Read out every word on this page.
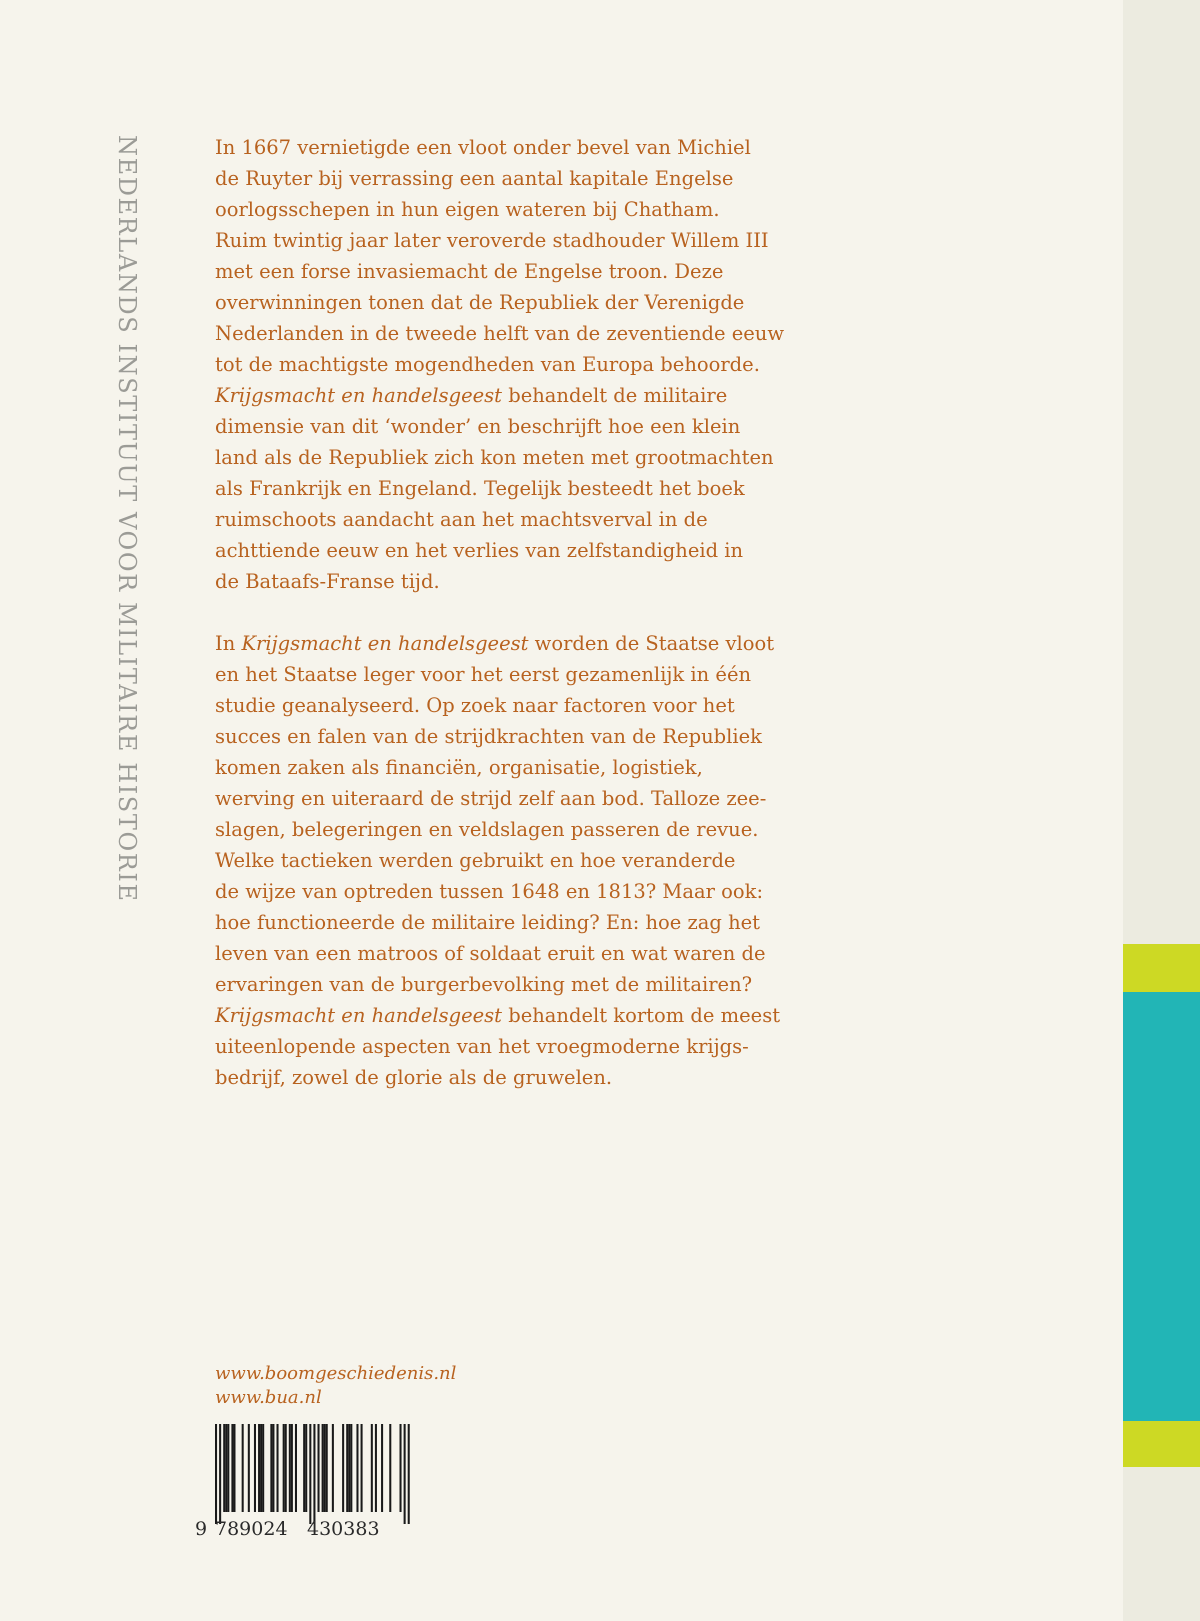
NEDERLANDS INSTITUUT VOOR MILITAIRE HISTORIE	In 1667 vernietigde een vloot onder bevel van Michiel
de Ruyter bij verrassing een aantal kapitale Engelse
oorlogsschepen in hun eigen wateren bij Chatham.
Ruim twintig jaar later veroverde stadhouder Willem III
met een forse invasiemacht de Engelse troon. Deze
overwinningen tonen dat de Republiek der Verenigde
Nederlanden in de tweede helft van de zeventiende eeuw
tot de machtigste mogendheden van Europa behoorde.
Krijgsmacht en handelsgeest behandelt de militaire
dimensie van dit ‘wonder’ en beschrijft hoe een klein
land als de Republiek zich kon meten met grootmachten
als Frankrijk en Engeland. Tegelijk besteedt het boek
ruimschoots aandacht aan het machtsverval in de
achttiende eeuw en het verlies van zelfstandigheid in
de Bataafs-Franse tijd.
In Krijgsmacht en handelsgeest worden de Staatse vloot
en het Staatse leger voor het eerst gezamenlijk in één
studie geanalyseerd. Op zoek naar factoren voor het
succes en falen van de strijdkrachten van de Republiek
komen zaken als financiën, organisatie, logistiek,
werving en uiteraard de strijd zelf aan bod. Talloze zee-
slagen, belegeringen en veldslagen passeren de revue.
Welke tactieken werden gebruikt en hoe veranderde
de wijze van optreden tussen 1648 en 1813? Maar ook:
hoe functioneerde de militaire leiding? En: hoe zag het
leven van een matroos of soldaat eruit en wat waren de
ervaringen van de burgerbevolking met de militairen?
Krijgsmacht en handelsgeest behandelt kortom de meest
uiteenlopende aspecten van het vroegmoderne krijgs-
bedrijf, zowel de glorie als de gruwelen.
www.boomgeschiedenis.nl
www.bua.nl
9 789024 430383
